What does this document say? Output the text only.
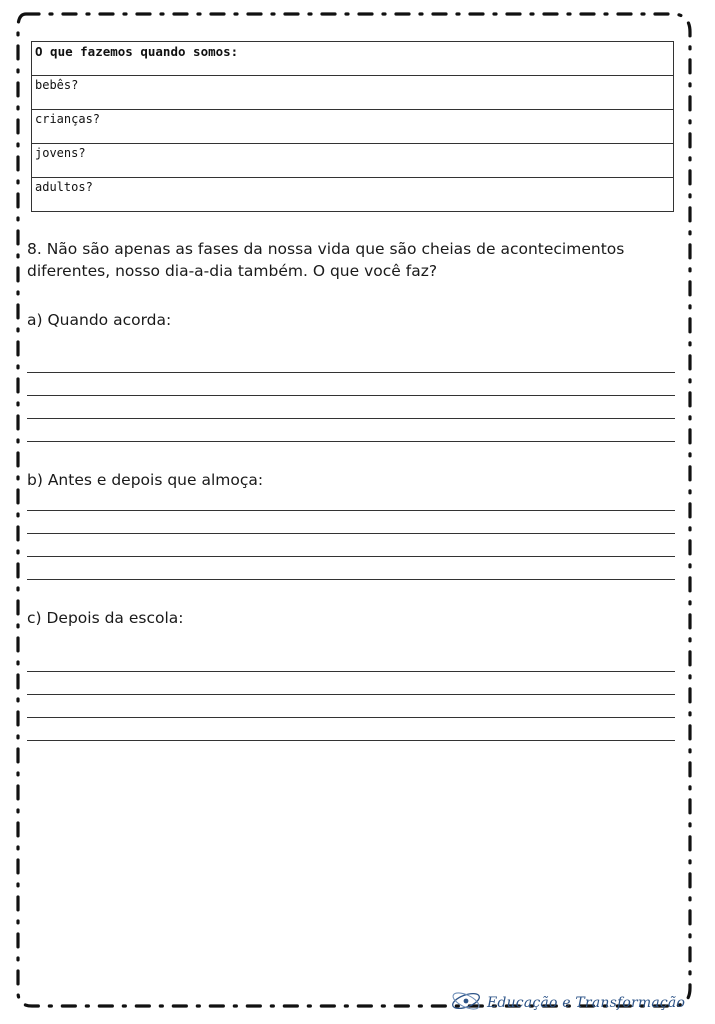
O que fazemos quando somos:
bebês?
crianças?
jovens?
adultos?
8. Não são apenas as fases da nossa vida que são cheias de acontecimentos diferentes, nosso dia-a-dia também. O que você faz?
a) Quando acorda:
b) Antes e depois que almoça:
c) Depois da escola:
Educação e Transformação
